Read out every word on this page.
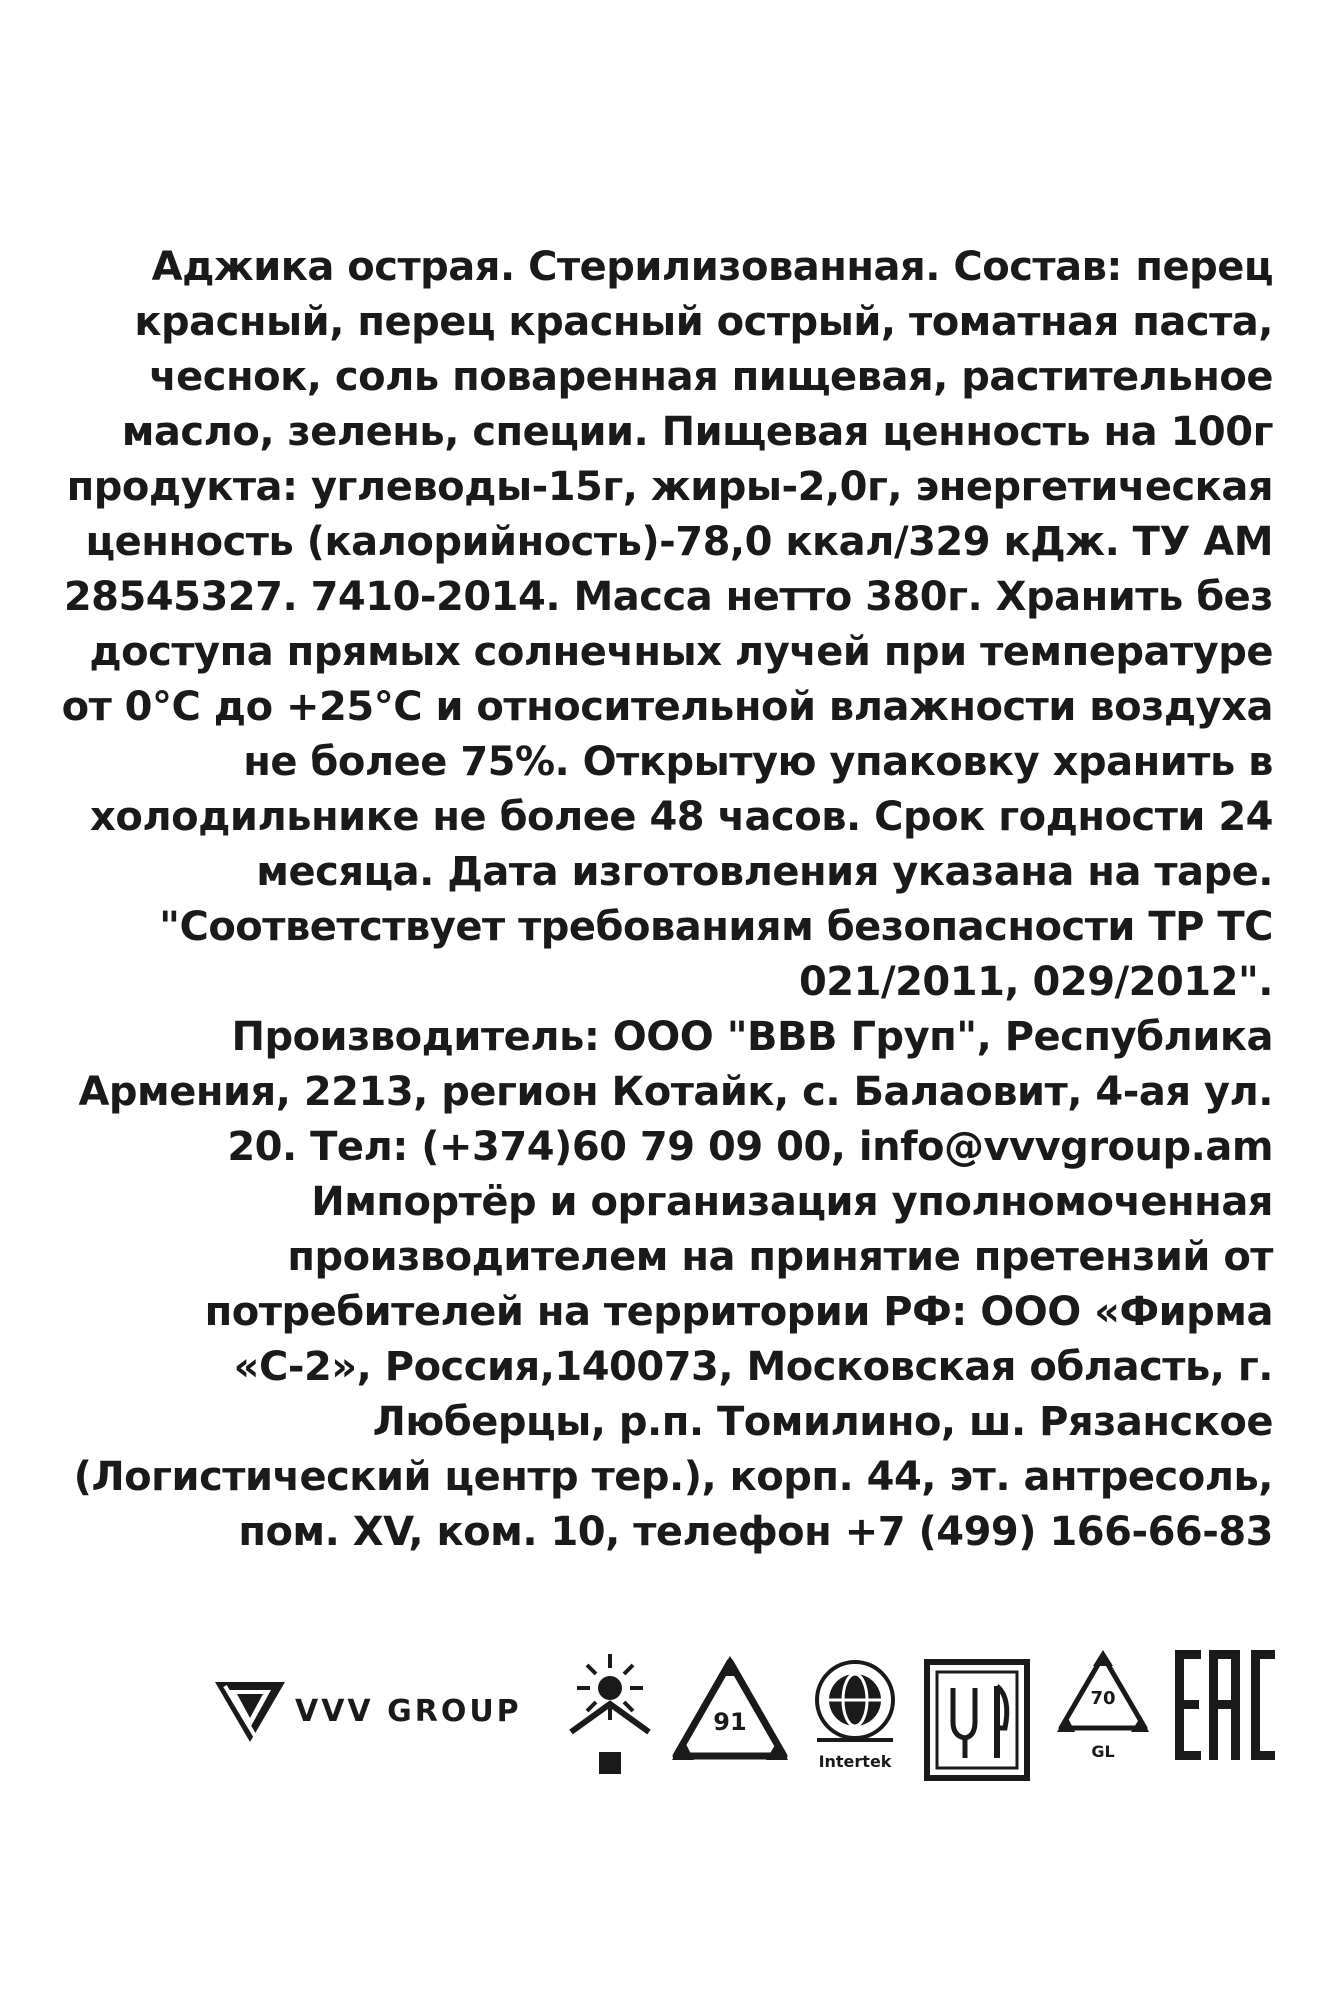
Аджика острая. Стерилизованная. Состав: перец
красный, перец красный острый, томатная паста,
чеснок, соль поваренная пищевая, растительное
масло, зелень, специи. Пищевая ценность на 100г
продукта: углеводы-15г, жиры-2,0г, энергетическая
ценность (калорийность)-78,0 ккал/329 кДж. ТУ АМ
28545327. 7410-2014. Масса нетто 380г. Хранить без
доступа прямых солнечных лучей при температуре
от 0°С до +25°С и относительной влажности воздуха
не более 75%. Открытую упаковку хранить в
холодильнике не более 48 часов. Срок годности 24
месяца. Дата изготовления указана на таре.
"Соответствует требованиям безопасности ТР ТС
021/2011, 029/2012".
Производитель: ООО "ВВВ Груп", Республика
Армения, 2213, регион Котайк, с. Балаовит, 4-ая ул.
20. Тел: (+374)60 79 09 00, info@vvvgroup.am
Импортёр и организация уполномоченная
производителем на принятие претензий от
потребителей на территории РФ: ООО «Фирма
«С-2», Россия,140073, Московская область, г.
Люберцы, р.п. Томилино, ш. Рязанское
(Логистический центр тер.), корп. 44, эт. антресоль,
пом. XV, ком. 10, телефон +7 (499) 166-66-83
VVV GROUP	91
Intertek
70
GL
